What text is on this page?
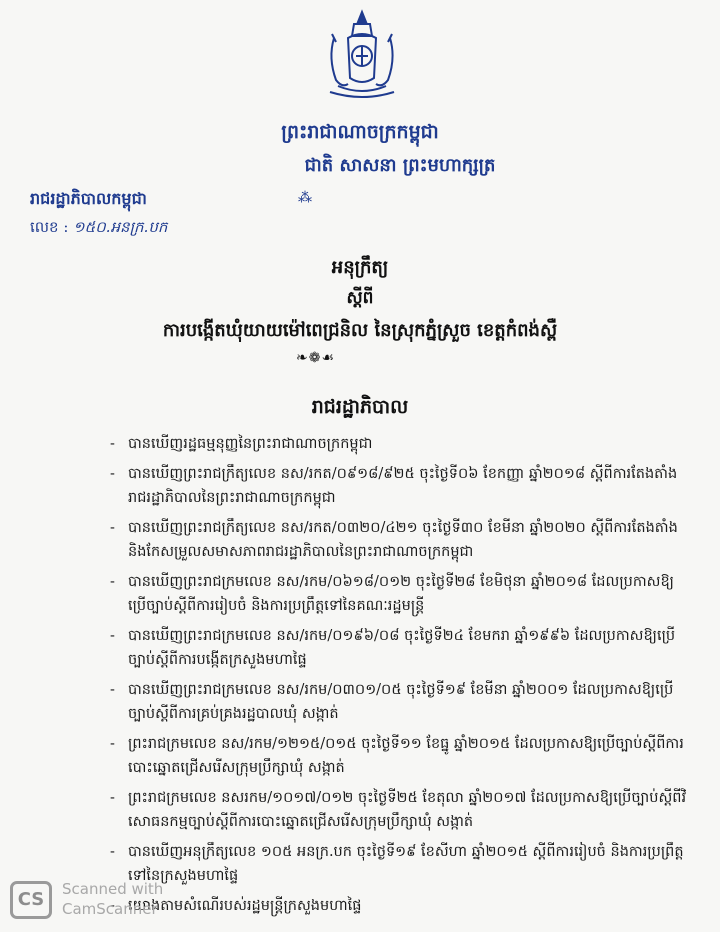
ព្រះរាជាណាចក្រកម្ពុជា
ជាតិ សាសនា ព្រះមហាក្សត្រ
⁂
រាជរដ្ឋាភិបាលកម្ពុជា
លេខ : ១៥០.អនក្រ.បក
អនុក្រឹត្យ
ស្តីពី
ការបង្កើតឃុំយាយម៉ៅពេជ្រនិល នៃស្រុកភ្នំស្រួច ខេត្តកំពង់ស្ពឺ
❧❁☙
រាជរដ្ឋាភិបាល
- បានឃើញរដ្ឋធម្មនុញ្ញនៃព្រះរាជាណាចក្រកម្ពុជា
- បានឃើញព្រះរាជក្រឹត្យលេខ នស/រកត/០៩១៨/៩២៥ ចុះថ្ងៃទី០៦ ខែកញ្ញា ឆ្នាំ២០១៨ ស្តីពីការតែងតាំងរាជរដ្ឋាភិបាលនៃព្រះរាជាណាចក្រកម្ពុជា
- បានឃើញព្រះរាជក្រឹត្យលេខ នស/រកត/០៣២០/៤២១ ចុះថ្ងៃទី៣០ ខែមីនា ឆ្នាំ២០២០ ស្តីពីការតែងតាំង និងកែសម្រួលសមាសភាពរាជរដ្ឋាភិបាលនៃព្រះរាជាណាចក្រកម្ពុជា
- បានឃើញព្រះរាជក្រមលេខ នស/រកម/០៦១៨/០១២ ចុះថ្ងៃទី២៨ ខែមិថុនា ឆ្នាំ២០១៨ ដែលប្រកាសឱ្យប្រើច្បាប់ស្តីពីការរៀបចំ និងការប្រព្រឹត្តទៅនៃគណៈរដ្ឋមន្ត្រី
- បានឃើញព្រះរាជក្រមលេខ នស/រកម/០១៩៦/០៨ ចុះថ្ងៃទី២៤ ខែមករា ឆ្នាំ១៩៩៦ ដែលប្រកាសឱ្យប្រើច្បាប់ស្តីពីការបង្កើតក្រសួងមហាផ្ទៃ
- បានឃើញព្រះរាជក្រមលេខ នស/រកម/០៣០១/០៥ ចុះថ្ងៃទី១៩ ខែមីនា ឆ្នាំ២០០១ ដែលប្រកាសឱ្យប្រើច្បាប់ស្តីពីការគ្រប់គ្រងរដ្ឋបាលឃុំ សង្កាត់
- ព្រះរាជក្រមលេខ នស/រកម/១២១៥/០១៥ ចុះថ្ងៃទី១១ ខែធ្នូ ឆ្នាំ២០១៥ ដែលប្រកាសឱ្យប្រើច្បាប់ស្តីពីការបោះឆ្នោតជ្រើសរើសក្រុមប្រឹក្សាឃុំ សង្កាត់
- ព្រះរាជក្រមលេខ នសរកម/១០១៧/០១២ ចុះថ្ងៃទី២៥ ខែតុលា ឆ្នាំ២០១៧ ដែលប្រកាសឱ្យប្រើច្បាប់ស្តីពីវិសោធនកម្មច្បាប់ស្តីពីការបោះឆ្នោតជ្រើសរើសក្រុមប្រឹក្សាឃុំ សង្កាត់
- បានឃើញអនុក្រឹត្យលេខ ១០៥ អនក្រ.បក ចុះថ្ងៃទី១៩ ខែសីហា ឆ្នាំ២០១៥ ស្តីពីការរៀបចំ និងការប្រព្រឹត្តទៅនៃក្រសួងមហាផ្ទៃ
- យោងតាមសំណើរបស់រដ្ឋមន្ត្រីក្រសួងមហាផ្ទៃ
CS	Scanned with
CamScanner
